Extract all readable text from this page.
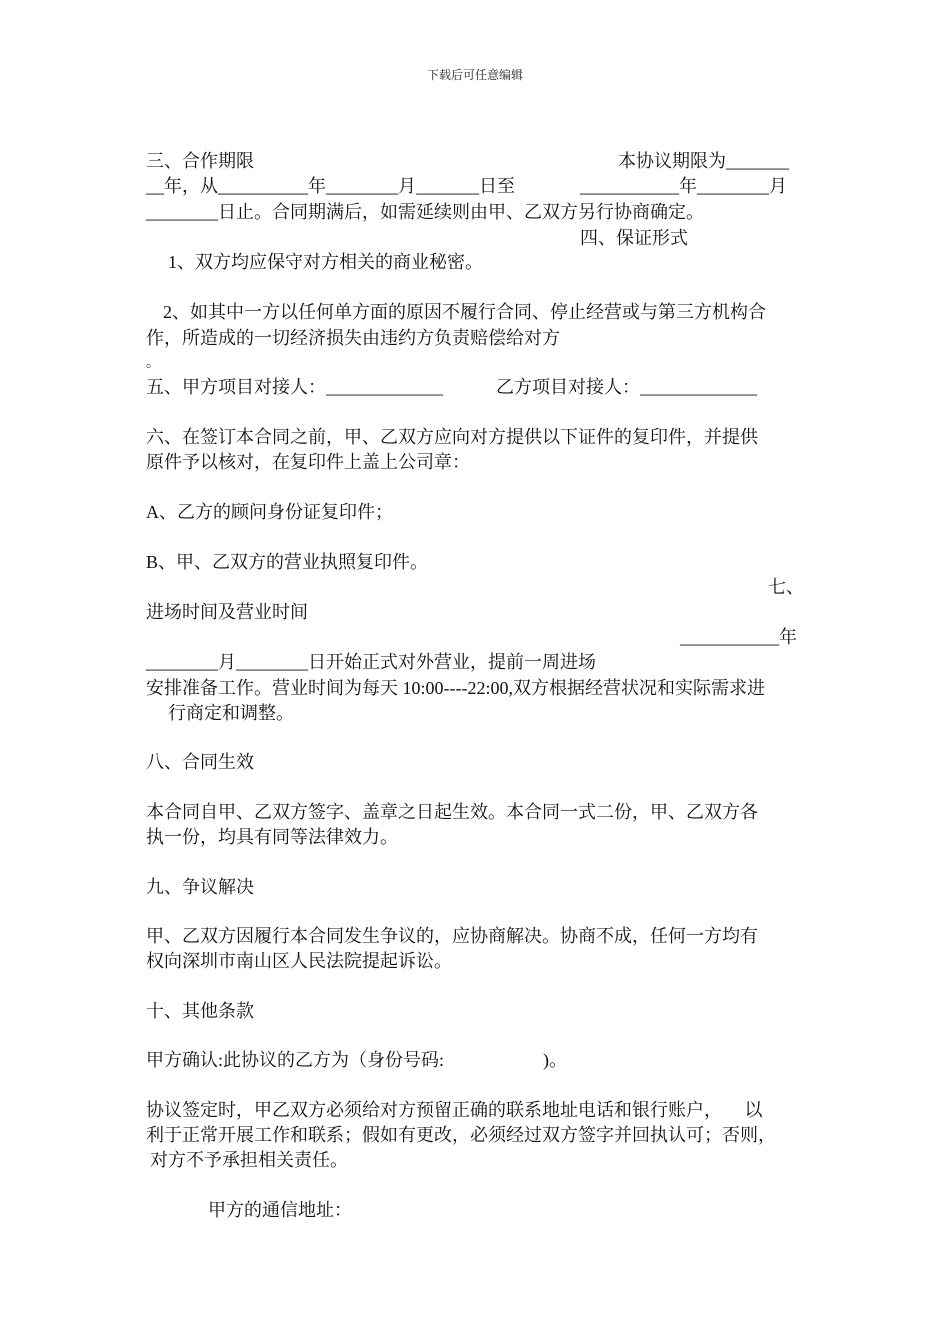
下载后可任意编辑
三、合作期限	本协议期限为_______
__年，从__________年________月_______日至	___________年________月
________日止。合同期满后，如需延续则由甲、乙双方另行协商确定。
四、保证形式
1、双方均应保守对方相关的商业秘密。
2、如其中一方以任何单方面的原因不履行合同、停止经营或与第三方机构合
作，所造成的一切经济损失由违约方负责赔偿给对方
。
五、甲方项目对接人：_____________	乙方项目对接人：_____________
六、在签订本合同之前，甲、乙双方应向对方提供以下证件的复印件，并提供
原件予以核对，在复印件上盖上公司章：
A、乙方的顾问身份证复印件；
B、甲、乙双方的营业执照复印件。
七、
进场时间及营业时间
___________年
________月________日开始正式对外营业，提前一周进场
安排准备工作。营业时间为每天 10:00----22:00,双方根据经营状况和实际需求进
行商定和调整。
八、合同生效
本合同自甲、乙双方签字、盖章之日起生效。本合同一式二份，甲、乙双方各
执一份，均具有同等法律效力。
九、争议解决
甲、乙双方因履行本合同发生争议的，应协商解决。协商不成，任何一方均有
权向深圳市南山区人民法院提起诉讼。
十、其他条款
甲方确认:此协议的乙方为（身份号码:                      )。
协议签定时，甲乙双方必须给对方预留正确的联系地址电话和银行账户，     以
利于正常开展工作和联系；假如有更改，必须经过双方签字并回执认可；否则，
对方不予承担相关责任。
甲方的通信地址：
